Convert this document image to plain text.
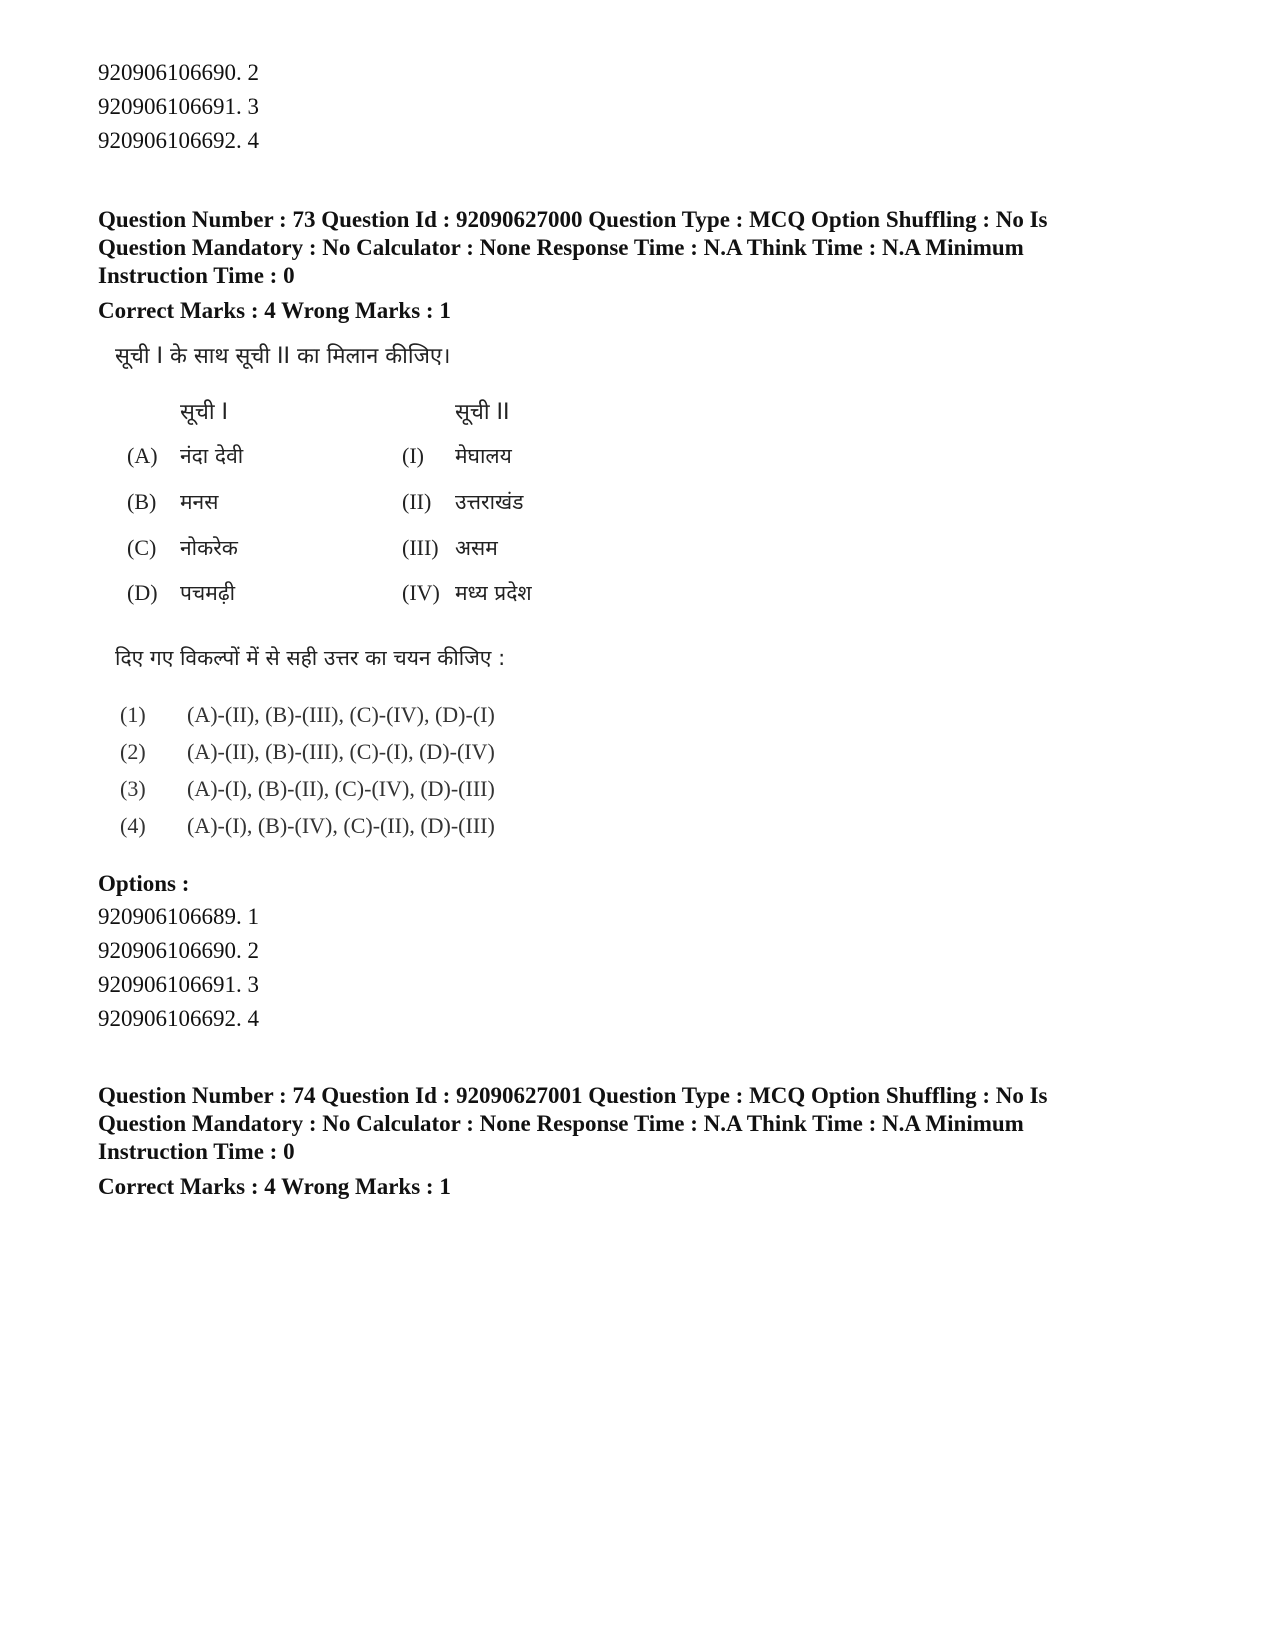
920906106690. 2
920906106691. 3
920906106692. 4
Question Number : 73 Question Id : 92090627000 Question Type : MCQ Option Shuffling : No Is
Question Mandatory : No Calculator : None Response Time : N.A Think Time : N.A Minimum
Instruction Time : 0
Correct Marks : 4 Wrong Marks : 1
सूची I के साथ सूची II का मिलान कीजिए।
सूची I	सूची II
(A) नंदा देवी
(B) मनस
(C) नोकरेक
(D) पचमढ़ी
(I) मेघालय
(II) उत्तराखंड
(III) असम
(IV) मध्य प्रदेश
दिए गए विकल्पों में से सही उत्तर का चयन कीजिए :
(1) (A)-(II), (B)-(III), (C)-(IV), (D)-(I)
(2) (A)-(II), (B)-(III), (C)-(I), (D)-(IV)
(3) (A)-(I), (B)-(II), (C)-(IV), (D)-(III)
(4) (A)-(I), (B)-(IV), (C)-(II), (D)-(III)
Options :
920906106689. 1
920906106690. 2
920906106691. 3
920906106692. 4
Question Number : 74 Question Id : 92090627001 Question Type : MCQ Option Shuffling : No Is
Question Mandatory : No Calculator : None Response Time : N.A Think Time : N.A Minimum
Instruction Time : 0
Correct Marks : 4 Wrong Marks : 1
